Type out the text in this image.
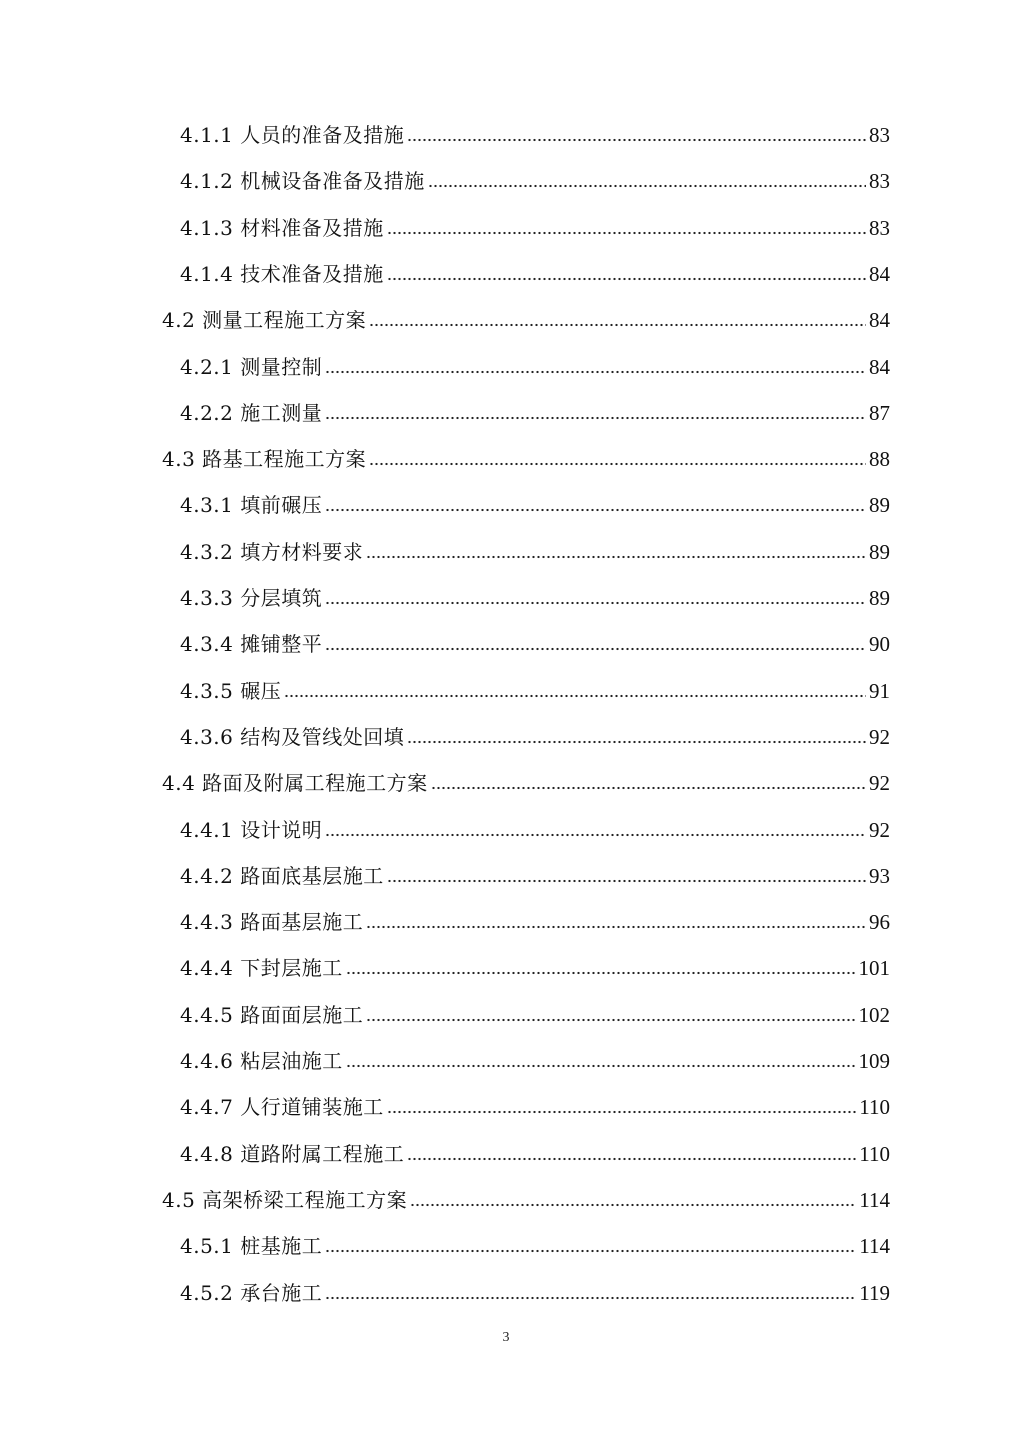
4.1.1 人员的准备及措施	83
4.1.2 机械设备准备及措施	83
4.1.3 材料准备及措施	83
4.1.4 技术准备及措施	84
4.2 测量工程施工方案	84
4.2.1 测量控制	84
4.2.2 施工测量	87
4.3 路基工程施工方案	88
4.3.1 填前碾压	89
4.3.2 填方材料要求	89
4.3.3 分层填筑	89
4.3.4 摊铺整平	90
4.3.5 碾压	91
4.3.6 结构及管线处回填	92
4.4 路面及附属工程施工方案	92
4.4.1 设计说明	92
4.4.2 路面底基层施工	93
4.4.3 路面基层施工	96
4.4.4 下封层施工	101
4.4.5 路面面层施工	102
4.4.6 粘层油施工	109
4.4.7 人行道铺装施工	110
4.4.8 道路附属工程施工	110
4.5 高架桥梁工程施工方案	114
4.5.1 桩基施工	114
4.5.2 承台施工	119
3
